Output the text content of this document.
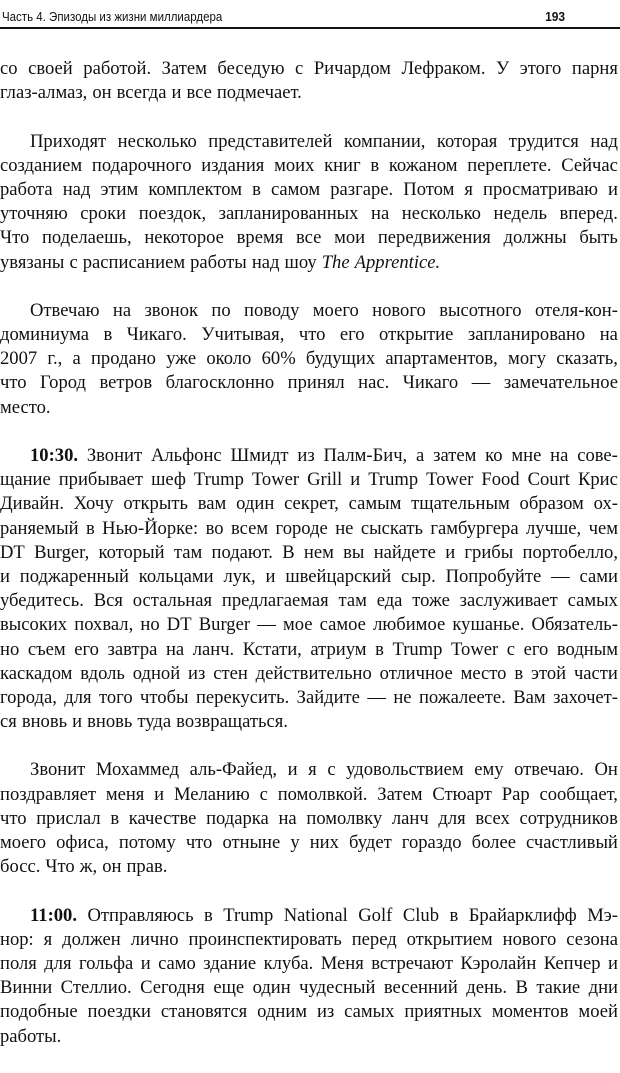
Часть 4. Эпизоды из жизни миллиардера	193
со своей работой. Затем беседую с Ричардом Лефраком. У этого парня
глаз-алмаз, он всегда и все подмечает.
Приходят несколько представителей компании, которая трудится над
созданием подарочного издания моих книг в кожаном переплете. Сейчас
работа над этим комплектом в самом разгаре. Потом я просматриваю и
уточняю сроки поездок, запланированных на несколько недель вперед.
Что поделаешь, некоторое время все мои передвижения должны быть
увязаны с расписанием работы над шоу The Apprentice.
Отвечаю на звонок по поводу моего нового высотного отеля-кон-
доминиума в Чикаго. Учитывая, что его открытие запланировано на
2007 г., а продано уже около 60% будущих апартаментов, могу сказать,
что Город ветров благосклонно принял нас. Чикаго — замечательное
место.
10:30. Звонит Альфонс Шмидт из Палм-Бич, а затем ко мне на сове-
щание прибывает шеф Trump Tower Grill и Trump Tower Food Court Крис
Дивайн. Хочу открыть вам один секрет, самым тщательным образом ох-
раняемый в Нью-Йорке: во всем городе не сыскать гамбургера лучше, чем
DT Burger, который там подают. В нем вы найдете и грибы портобелло,
и поджаренный кольцами лук, и швейцарский сыр. Попробуйте — сами
убедитесь. Вся остальная предлагаемая там еда тоже заслуживает самых
высоких похвал, но DT Burger — мое самое любимое кушанье. Обязатель-
но съем его завтра на ланч. Кстати, атриум в Trump Tower с его водным
каскадом вдоль одной из стен действительно отличное место в этой части
города, для того чтобы перекусить. Зайдите — не пожалеете. Вам захочет-
ся вновь и вновь туда возвращаться.
Звонит Мохаммед аль-Файед, и я с удовольствием ему отвечаю. Он
поздравляет меня и Меланию с помолвкой. Затем Стюарт Рар сообщает,
что прислал в качестве подарка на помолвку ланч для всех сотрудников
моего офиса, потому что отныне у них будет гораздо более счастливый
босс. Что ж, он прав.
11:00. Отправляюсь в Trump National Golf Club в Брайарклифф Мэ-
нор: я должен лично проинспектировать перед открытием нового сезона
поля для гольфа и само здание клуба. Меня встречают Кэролайн Кепчер и
Винни Стеллио. Сегодня еще один чудесный весенний день. В такие дни
подобные поездки становятся одним из самых приятных моментов моей
работы.
